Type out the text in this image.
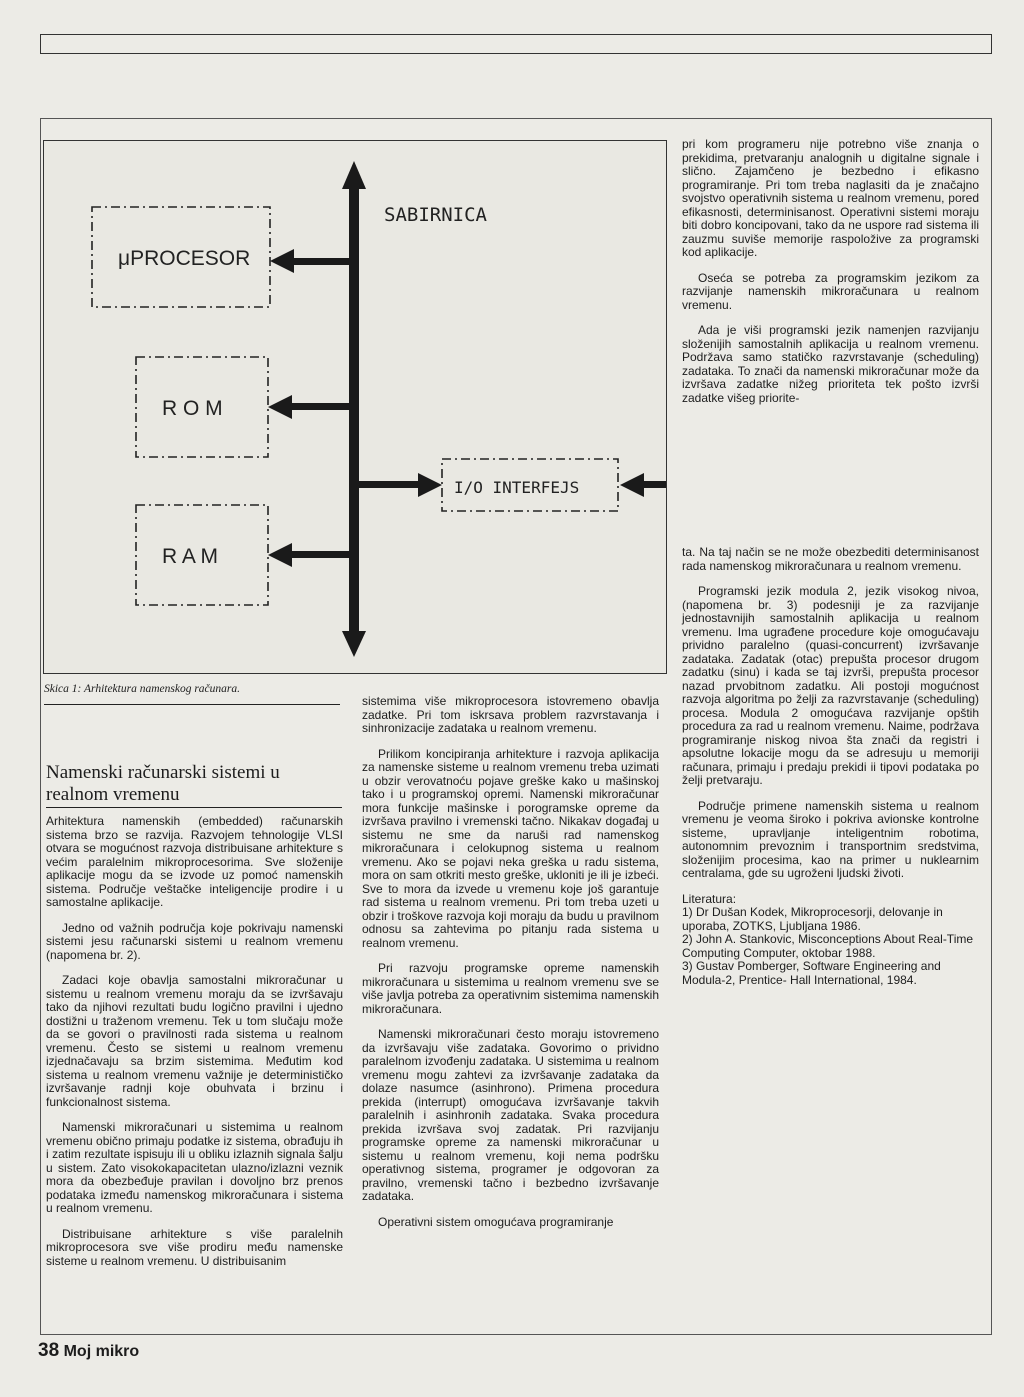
μPROCESOR
R O M
R A M
SABIRNICA
I/O INTERFEJS
Skica 1: Arhitektura namenskog računara.
Namenski računarski sistemi u realnom vremenu

Arhitektura namenskih (embedded) računarskih sistema brzo se razvija. Razvojem tehnologije VLSI otvara se mogućnost razvoja distribuisane arhitekture s većim paralelnim mikroprocesorima. Sve složenije aplikacije mogu da se izvode uz pomoć namenskih sistema. Područje veštačke inteligencije prodire i u samostalne aplikacije.

Jedno od važnih područja koje pokrivaju namenski sistemi jesu računarski sistemi u realnom vremenu (napomena br. 2).

Zadaci koje obavlja samostalni mikroračunar u sistemu u realnom vremenu moraju da se izvršavaju tako da njihovi rezultati budu logično pravilni i ujedno dostižni u traženom vremenu. Tek u tom slučaju može da se govori o pravilnosti rada sistema u realnom vremenu. Često se sistemi u realnom vremenu izjednačavaju sa brzim sistemima. Međutim kod sistema u realnom vremenu važnije je determinističko izvršavanje radnji koje obuhvata i brzinu i funkcionalnost sistema.

Namenski mikroračunari u sistemima u realnom vremenu obično primaju podatke iz sistema, obrađuju ih i zatim rezultate ispisuju ili u obliku izlaznih signala šalju u sistem. Zato visokokapacitetan ulazno/izlazni veznik mora da obezbeđuje pravilan i dovoljno brz prenos podataka između namenskog mikroračunara i sistema u realnom vremenu.

Distribuisane arhitekture s više paralelnih mikroprocesora sve više prodiru među namenske sisteme u realnom vremenu. U distribuisanim

sistemima više mikroprocesora istovremeno obavlja zadatke. Pri tom iskrsava problem razvrstavanja i sinhronizacije zadataka u realnom vremenu.

Prilikom koncipiranja arhitekture i razvoja aplikacija za namenske sisteme u realnom vremenu treba uzimati u obzir verovatnoću pojave greške kako u mašinskoj tako i u programskoj opremi. Namenski mikroračunar mora funkcije mašinske i porogramske opreme da izvršava pravilno i vremenski tačno. Nikakav događaj u sistemu ne sme da naruši rad namenskog mikroračunara i celokupnog sistema u realnom vremenu. Ako se pojavi neka greška u radu sistema, mora on sam otkriti mesto greške, ukloniti je ili je izbeći. Sve to mora da izvede u vremenu koje još garantuje rad sistema u realnom vremenu. Pri tom treba uzeti u obzir i troškove razvoja koji moraju da budu u pravilnom odnosu sa zahtevima po pitanju rada sistema u realnom vremenu.

Pri razvoju programske opreme namenskih mikroračunara u sistemima u realnom vremenu sve se više javlja potreba za operativnim sistemima namenskih mikroračunara.

Namenski mikroračunari često moraju istovremeno da izvršavaju više zadataka. Govorimo o prividno paralelnom izvođenju zadataka. U sistemima u realnom vremenu mogu zahtevi za izvršavanje zadataka da dolaze nasumce (asinhrono). Primena procedura prekida (interrupt) omogućava izvršavanje takvih paralelnih i asinhronih zadataka. Svaka procedura prekida izvršava svoj zadatak. Pri razvijanju programske opreme za namenski mikroračunar u sistemu u realnom vremenu, koji nema podršku operativnog sistema, programer je odgovoran za pravilno, vremenski tačno i bezbedno izvršavanje zadataka.

Operativni sistem omogućava programiranje

pri kom programeru nije potrebno više znanja o prekidima, pretvaranju analognih u digitalne signale i slično. Zajamčeno je bezbedno i efikasno programiranje. Pri tom treba naglasiti da je značajno svojstvo operativnih sistema u realnom vremenu, pored efikasnosti, determinisanost. Operativni sistemi moraju biti dobro koncipovani, tako da ne uspore rad sistema ili zauzmu suviše memorije raspoložive za programski kod aplikacije.

Oseća se potreba za programskim jezikom za razvijanje namenskih mikroračunara u realnom vremenu.

Ada je viši programski jezik namenjen razvijanju složenijih samostalnih aplikacija u realnom vremenu. Podržava samo statičko razvrstavanje (scheduling) zadataka. To znači da namenski mikroračunar može da izvršava zadatke nižeg prioriteta tek pošto izvrši zadatke višeg priorite-

ta. Na taj način se ne može obezbediti determinisanost rada namenskog mikroračunara u realnom vremenu.

Programski jezik modula 2, jezik visokog nivoa, (napomena br. 3) podesniji je za razvijanje jednostavnijih samostalnih aplikacija u realnom vremenu. Ima ugrađene procedure koje omogućavaju prividno paralelno (quasi-concurrent) izvršavanje zadataka. Zadatak (otac) prepušta procesor drugom zadatku (sinu) i kada se taj izvrši, prepušta procesor nazad prvobitnom zadatku. Ali postoji mogućnost razvoja algoritma po želji za razvrstavanje (scheduling) procesa. Modula 2 omogućava razvijanje opštih procedura za rad u realnom vremenu. Naime, podržava programiranje niskog nivoa šta znači da registri i apsolutne lokacije mogu da se adresuju u memoriji računara, primaju i predaju prekidi ii tipovi podataka po želji pretvaraju.

Područje primene namenskih sistema u realnom vremenu je veoma široko i pokriva avionske kontrolne sisteme, upravljanje inteligentnim robotima, autonomnim prevoznim i transportnim sredstvima, složenijim procesima, kao na primer u nuklearnim centralama, gde su ugroženi ljudski životi.

Literatura:

1) Dr Dušan Kodek, Mikroprocesorji, delovanje in uporaba, ZOTKS, Ljubljana 1986.

2) John A. Stankovic, Misconceptions About Real-Time Computing Computer, oktobar 1988.

3) Gustav Pomberger, Software Engineering and Modula-2, Prentice- Hall International, 1984.

38 Moj mikro
